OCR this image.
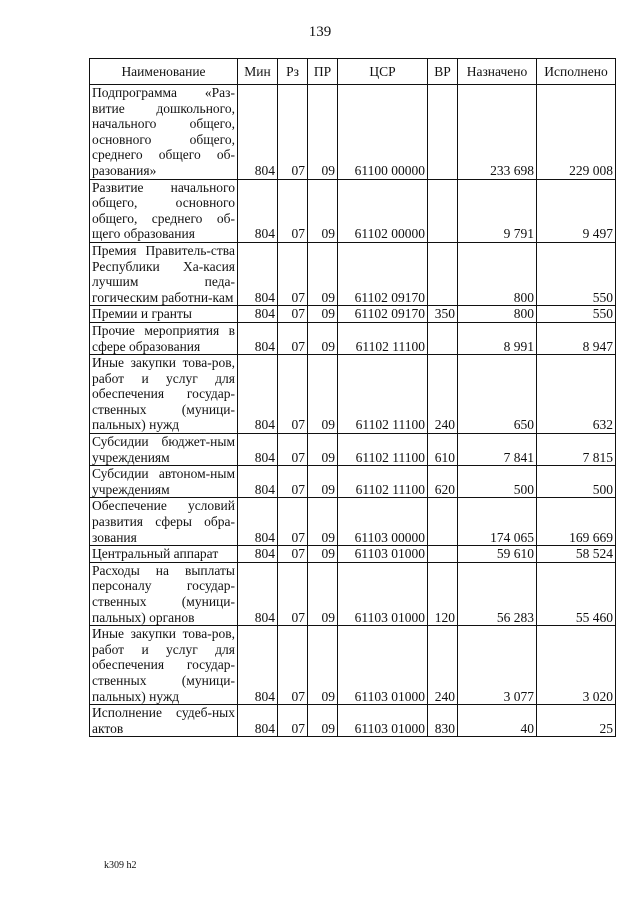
139
Наименование	Мин	Рз	ПР	ЦСР	ВР	Назначено	Исполнено
Подпрограмма «Раз-витие дошкольного, начального общего, основного общего, среднего общего об-разования»	804	07	09	61100 00000		233 698	229 008
Развитие начального общего, основного общего, среднего об-щего образования	804	07	09	61102 00000		9 791	9 497
Премия Правитель-ства Республики Ха-касия лучшим педа-гогическим работни-кам	804	07	09	61102 09170		800	550
Премии и гранты	804	07	09	61102 09170	350	800	550
Прочие мероприятия в сфере образования	804	07	09	61102 11100		8 991	8 947
Иные закупки това-ров, работ и услуг для обеспечения государ-ственных (муници-пальных) нужд	804	07	09	61102 11100	240	650	632
Субсидии бюджет-ным учреждениям	804	07	09	61102 11100	610	7 841	7 815
Субсидии автоном-ным учреждениям	804	07	09	61102 11100	620	500	500
Обеспечение условий развития сферы обра-зования	804	07	09	61103 00000		174 065	169 669
Центральный аппарат	804	07	09	61103 01000		59 610	58 524
Расходы на выплаты персоналу государ-ственных (муници-пальных) органов	804	07	09	61103 01000	120	56 283	55 460
Иные закупки това-ров, работ и услуг для обеспечения государ-ственных (муници-пальных) нужд	804	07	09	61103 01000	240	3 077	3 020
Исполнение судеб-ных актов	804	07	09	61103 01000	830	40	25
k309 h2
